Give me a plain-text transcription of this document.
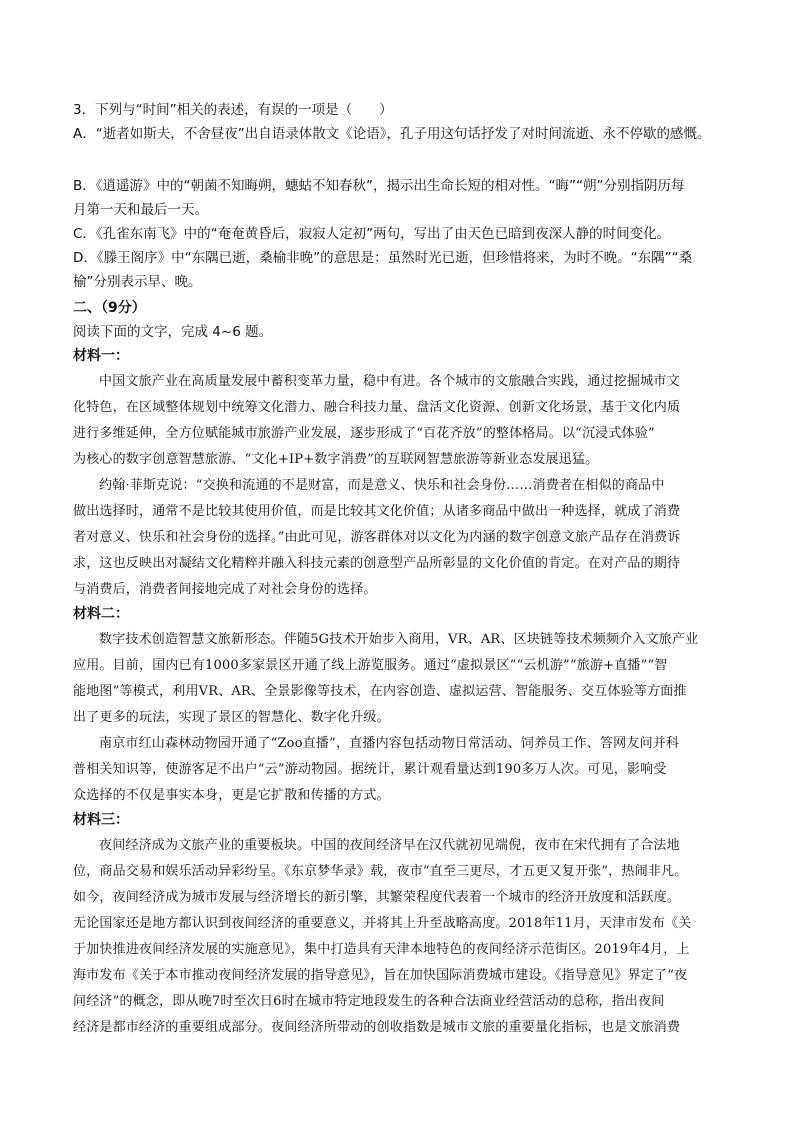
3．下列与“时间”相关的表述，有误的一项是（　　）
A．“逝者如斯夫，不舍昼夜”出自语录体散文《论语》，孔子用这句话抒发了对时间流逝、永不停歇的感慨。
B．《逍遥游》中的“朝菌不知晦朔，蟪蛄不知春秋”，揭示出生命长短的相对性。“晦”“朔”分别指阴历每
月第一天和最后一天。
C．《孔雀东南飞》中的“奄奄黄昏后，寂寂人定初”两句，写出了由天色已暗到夜深人静的时间变化。
D．《滕王阁序》中“东隅已逝，桑榆非晚”的意思是：虽然时光已逝，但珍惜将来，为时不晚。“东隅”“桑
榆”分别表示早、晚。
二、（9分）
阅读下面的文字，完成 4~6 题。
材料一：
中国文旅产业在高质量发展中蓄积变革力量，稳中有进。各个城市的文旅融合实践，通过挖掘城市文
化特色，在区域整体规划中统筹文化潜力、融合科技力量、盘活文化资源、创新文化场景，基于文化内质
进行多维延伸，全方位赋能城市旅游产业发展，逐步形成了“百花齐放”的整体格局。以“沉浸式体验”
为核心的数字创意智慧旅游、“文化+IP+数字消费”的互联网智慧旅游等新业态发展迅猛。
约翰·菲斯克说：“交换和流通的不是财富，而是意义、快乐和社会身份……消费者在相似的商品中
做出选择时，通常不是比较其使用价值，而是比较其文化价值；从诸多商品中做出一种选择，就成了消费
者对意义、快乐和社会身份的选择。”由此可见，游客群体对以文化为内涵的数字创意文旅产品存在消费诉
求，这也反映出对凝结文化精粹并融入科技元素的创意型产品所彰显的文化价值的肯定。在对产品的期待
与消费后，消费者间接地完成了对社会身份的选择。
材料二：
数字技术创造智慧文旅新形态。伴随5G技术开始步入商用，VR、AR、区块链等技术频频介入文旅产业
应用。目前，国内已有1000多家景区开通了线上游览服务。通过“虚拟景区”“云机游”“旅游+直播”“智
能地图”等模式，利用VR、AR、全景影像等技术，在内容创造、虚拟运营、智能服务、交互体验等方面推
出了更多的玩法，实现了景区的智慧化、数字化升级。
南京市红山森林动物园开通了“Zoo直播”，直播内容包括动物日常活动、饲养员工作、答网友问并科
普相关知识等，使游客足不出户“云”游动物园。据统计，累计观看量达到190多万人次。可见，影响受
众选择的不仅是事实本身，更是它扩散和传播的方式。
材料三：
夜间经济成为文旅产业的重要板块。中国的夜间经济早在汉代就初见端倪，夜市在宋代拥有了合法地
位，商品交易和娱乐活动异彩纷呈。《东京梦华录》载，夜市“直至三更尽，才五更又复开张”，热闹非凡。
如今，夜间经济成为城市发展与经济增长的新引擎，其繁荣程度代表着一个城市的经济开放度和活跃度。
无论国家还是地方都认识到夜间经济的重要意义，并将其上升至战略高度。2018年11月，天津市发布《关
于加快推进夜间经济发展的实施意见》，集中打造具有天津本地特色的夜间经济示范街区。2019年4月，上
海市发布《关于本市推动夜间经济发展的指导意见》，旨在加快国际消费城市建设。《指导意见》界定了“夜
间经济”的概念，即从晚7时至次日6时在城市特定地段发生的各种合法商业经营活动的总称，指出夜间
经济是都市经济的重要组成部分。夜间经济所带动的创收指数是城市文旅的重要量化指标，也是文旅消费
